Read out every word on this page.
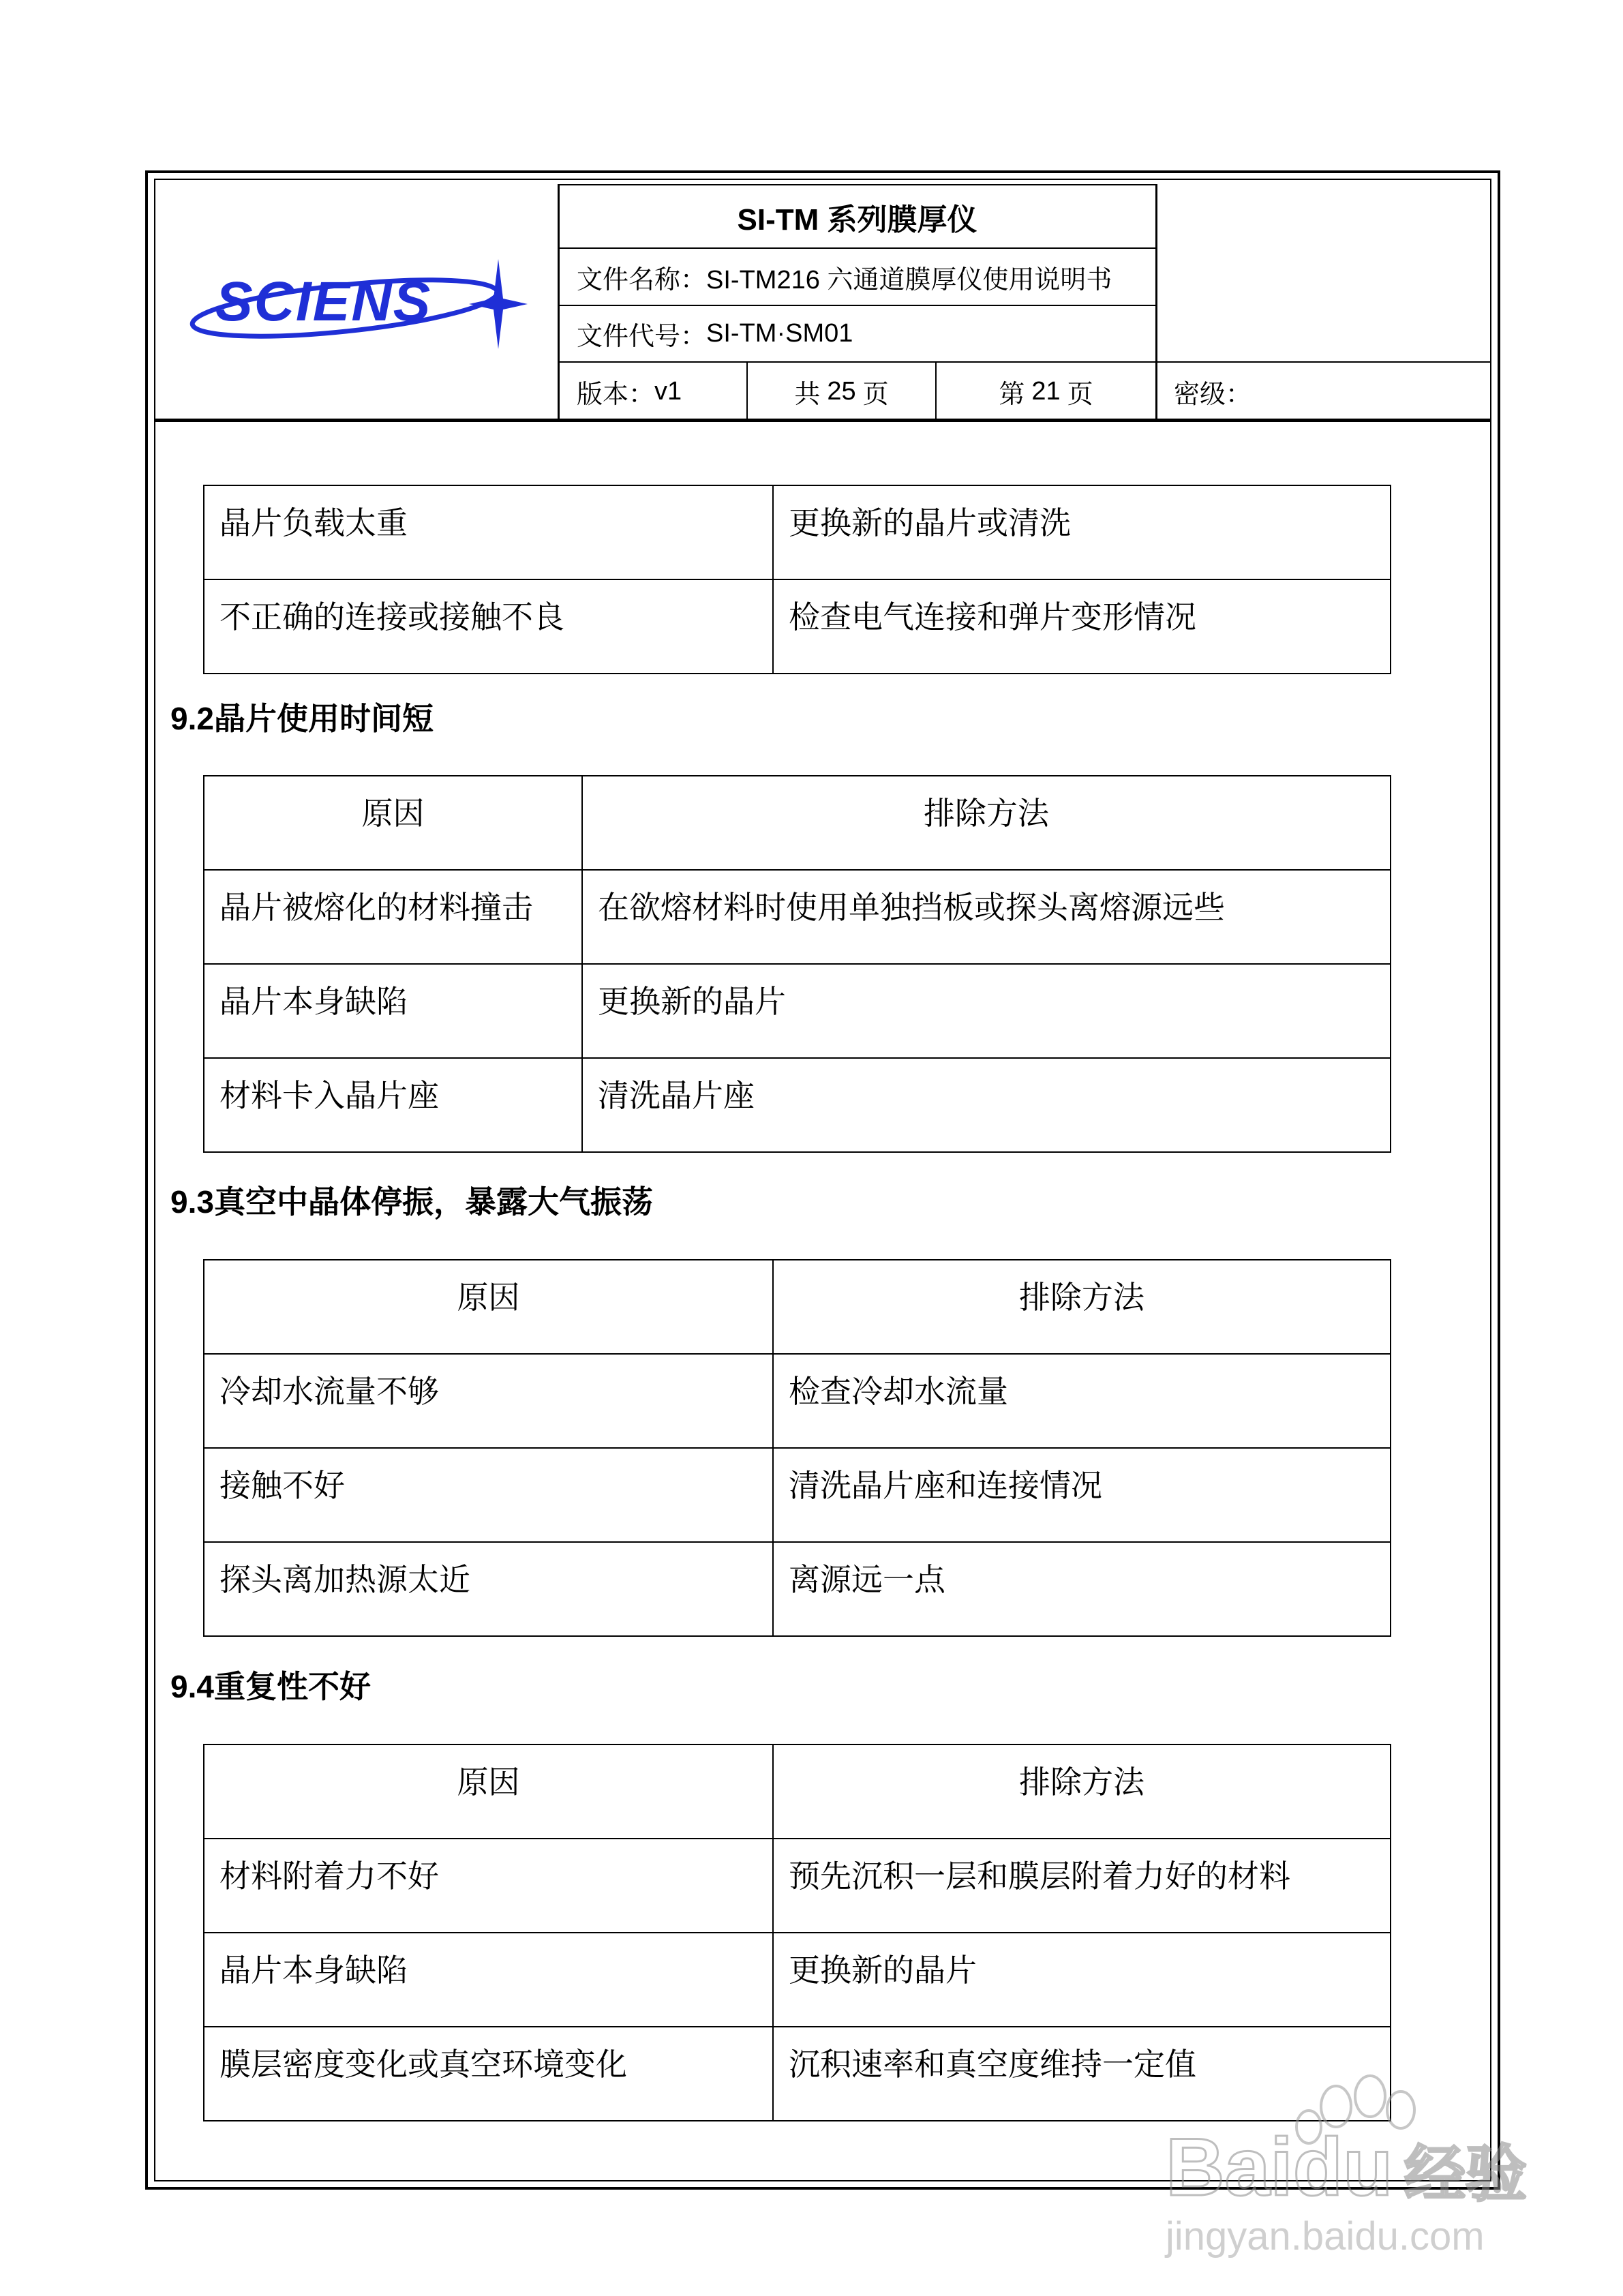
SCIENS
SI-TM 系列膜厚仪
文件名称： SI-TM216 六通道膜厚仪使用说明书
文件代号： SI-TM·SM01
版本： v1	共 25 页	第 21 页	密级：
晶片负载太重	更换新的晶片或清洗
不正确的连接或接触不良	检查电气连接和弹片变形情况
9.2晶片使用时间短
原因	排除方法
晶片被熔化的材料撞击	在欲熔材料时使用单独挡板或探头离熔源远些
晶片本身缺陷	更换新的晶片
材料卡入晶片座	清洗晶片座
9.3真空中晶体停振，暴露大气振荡
原因	排除方法
冷却水流量不够	检查冷却水流量
接触不好	清洗晶片座和连接情况
探头离加热源太近	离源远一点
9.4重复性不好
原因	排除方法
材料附着力不好	预先沉积一层和膜层附着力好的材料
晶片本身缺陷	更换新的晶片
膜层密度变化或真空环境变化	沉积速率和真空度维持一定值
Baidu 经验
jingyan.baidu.com
